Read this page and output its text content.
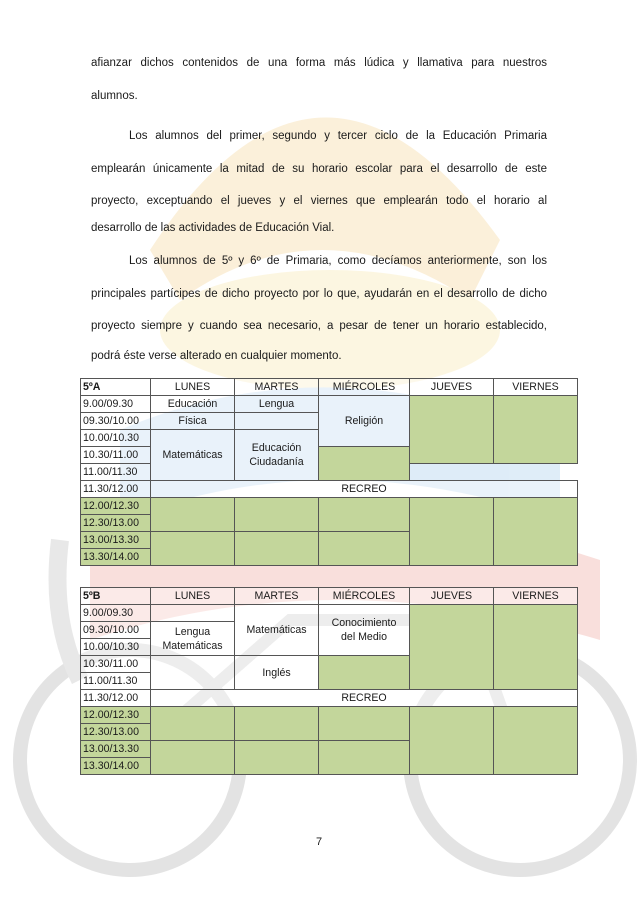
afianzar dichos contenidos de una forma más lúdica y llamativa para nuestros

alumnos.

Los alumnos del primer, segundo y tercer ciclo de la Educación Primaria

emplearán únicamente la mitad de su horario escolar para el desarrollo de este

proyecto, exceptuando el jueves y el viernes que emplearán todo el horario al

desarrollo de las actividades de Educación Vial.

Los alumnos de 5º y 6º de Primaria, como decíamos anteriormente, son los

principales partícipes de dicho proyecto por lo que, ayudarán en el desarrollo de dicho

proyecto siempre y cuando sea necesario, a pesar de tener un horario establecido,

podrá éste verse alterado en cualquier momento.

5ºA	LUNES	MARTES	MIÉRCOLES	JUEVES	VIERNES
9.00/09.30	Educación	Lengua	Religión		
09.30/10.00	Física				
10.00/10.30	Matemáticas	Educación
Ciudadanía			
10.30/11.00					
11.00/11.30					
11.30/12.00	RECREO				
12.00/12.30					
12.30/13.00					
13.00/13.30					
13.30/14.00					
5ºB	LUNES	MARTES	MIÉRCOLES	JUEVES	VIERNES
9.00/09.30		Matemáticas	Conocimiento
del Medio		
09.30/10.00	Lengua
Matemáticas				
10.00/10.30					
10.30/11.00		Inglés			
11.00/11.30					
11.30/12.00	RECREO				
12.00/12.30					
12.30/13.00					
13.00/13.30					
13.30/14.00					
7
